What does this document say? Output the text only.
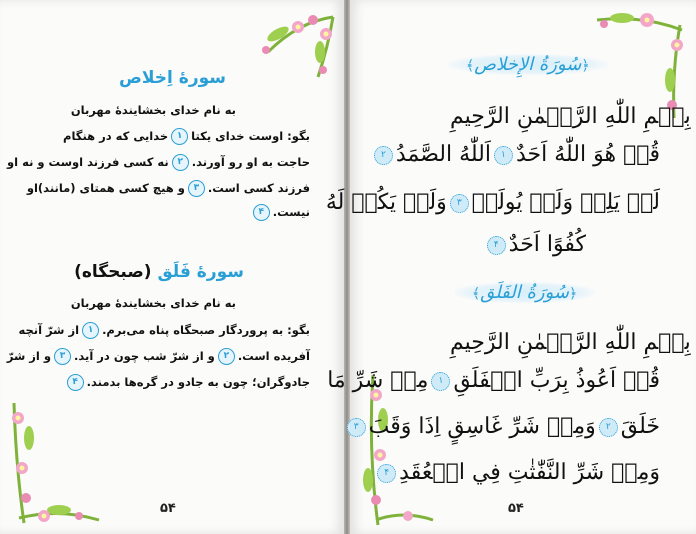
سورۀ اِخلاص
به نام خدای بخشایندۀ مهربان
بگو: اوست خدای یکتا۱خدایی که در هنگام
حاجت به او رو آورند.۲نه کسی فرزند اوست و نه او
فرزند کسی است.۳و هیچ کسی همتای (مانند)او
نیست.۴
سورۀ فَلَق (صبحگاه)
به نام خدای بخشایندۀ مهربان
بگو: به پروردگار صبحگاه پناه می‌برم.۱از شرّ آنچه
آفریده است.۲و از شرّ شب چون در آید.۳و از شرّ
جادوگران؛ چون به جادو در گره‌ها بدمند.۴
۵۴
﴿سُورَةُ الإِخلاص﴾
بِسۡمِ اللّٰهِ الرَّحۡمٰنِ الرَّحِيمِ
قُلۡ هُوَ اللّٰهُ اَحَدٌ۱اَللّٰهُ الصَّمَدُ۲
لَمۡ يَلِدۡ وَلَمۡ يُولَدۡ۳وَلَمۡ يَكُنۡ لَهُ
كُفُوًا اَحَدٌ۴
﴿سُورَةُ الفَلَق﴾
بِسۡمِ اللّٰهِ الرَّحۡمٰنِ الرَّحِيمِ
قُلۡ اَعُوذُ بِرَبِّ الۡفَلَقِ۱مِنۡ شَرِّ مَا
خَلَقَ۲وَمِنۡ شَرِّ غَاسِقٍ اِذَا وَقَبَ۳
وَمِنۡ شَرِّ النَّفّٰثٰتِ فِي الۡعُقَدِ۴
۵۴
